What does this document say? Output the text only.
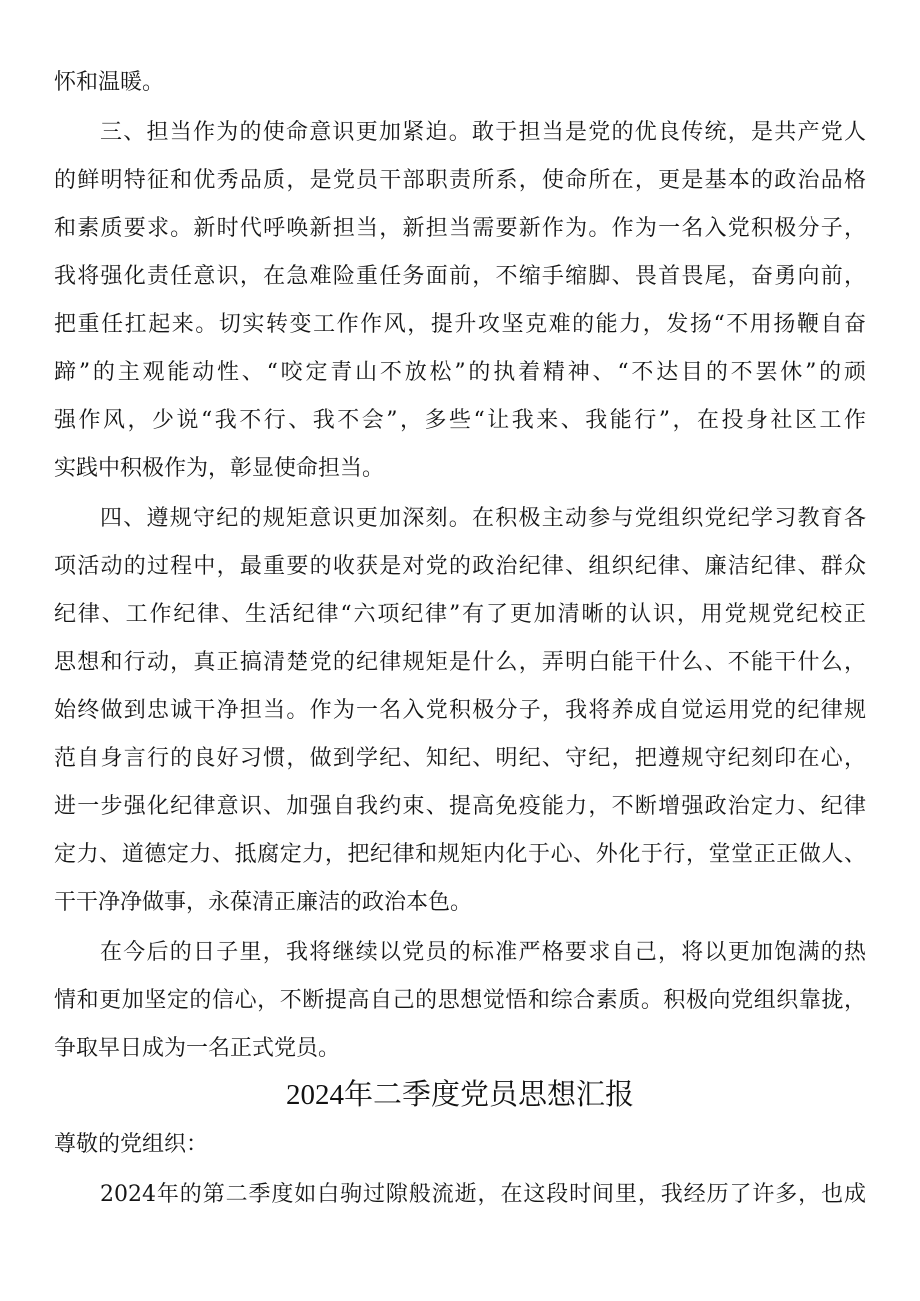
怀和温暖。
三、担当作为的使命意识更加紧迫。敢于担当是党的优良传统，是共产党人
的鲜明特征和优秀品质，是党员干部职责所系，使命所在，更是基本的政治品格
和素质要求。新时代呼唤新担当，新担当需要新作为。作为一名入党积极分子，
我将强化责任意识，在急难险重任务面前，不缩手缩脚、畏首畏尾，奋勇向前，
把重任扛起来。切实转变工作作风，提升攻坚克难的能力，发扬“不用扬鞭自奋
蹄”的主观能动性、“咬定青山不放松”的执着精神、“不达目的不罢休”的顽
强作风，少说“我不行、我不会”，多些“让我来、我能行”，在投身社区工作
实践中积极作为，彰显使命担当。
四、遵规守纪的规矩意识更加深刻。在积极主动参与党组织党纪学习教育各
项活动的过程中，最重要的收获是对党的政治纪律、组织纪律、廉洁纪律、群众
纪律、工作纪律、生活纪律“六项纪律”有了更加清晰的认识，用党规党纪校正
思想和行动，真正搞清楚党的纪律规矩是什么，弄明白能干什么、不能干什么，
始终做到忠诚干净担当。作为一名入党积极分子，我将养成自觉运用党的纪律规
范自身言行的良好习惯，做到学纪、知纪、明纪、守纪，把遵规守纪刻印在心，
进一步强化纪律意识、加强自我约束、提高免疫能力，不断增强政治定力、纪律
定力、道德定力、抵腐定力，把纪律和规矩内化于心、外化于行，堂堂正正做人、
干干净净做事，永葆清正廉洁的政治本色。
在今后的日子里，我将继续以党员的标准严格要求自己，将以更加饱满的热
情和更加坚定的信心，不断提高自己的思想觉悟和综合素质。积极向党组织靠拢，
争取早日成为一名正式党员。
2024年二季度党员思想汇报
尊敬的党组织：
2024年的第二季度如白驹过隙般流逝，在这段时间里，我经历了许多，也成
